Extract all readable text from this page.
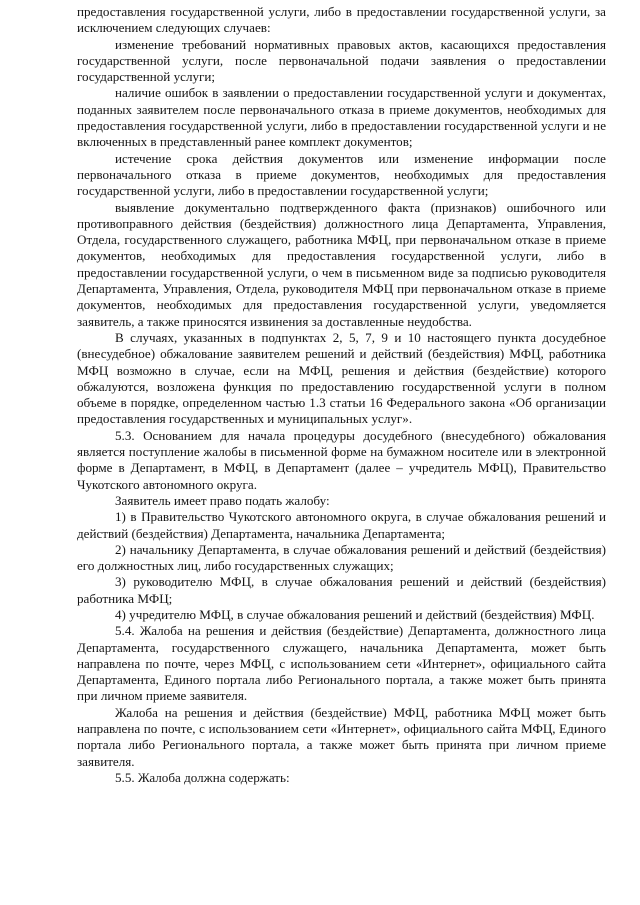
предоставления государственной услуги, либо в предоставлении государственной услуги, за исключением следующих случаев:

изменение требований нормативных правовых актов, касающихся предоставления государственной услуги, после первоначальной подачи заявления о предоставлении государственной услуги;

наличие ошибок в заявлении о предоставлении государственной услуги и документах, поданных заявителем после первоначального отказа в приеме документов, необходимых для предоставления государственной услуги, либо в предоставлении государственной услуги и не включенных в представленный ранее комплект документов;

истечение срока действия документов или изменение информации после первоначального отказа в приеме документов, необходимых для предоставления государственной услуги, либо в предоставлении государственной услуги;

выявление документально подтвержденного факта (признаков) ошибочного или противоправного действия (бездействия) должностного лица Департамента, Управления, Отдела, государственного служащего, работника МФЦ, при первоначальном отказе в приеме документов, необходимых для предоставления государственной услуги, либо в предоставлении государственной услуги, о чем в письменном виде за подписью руководителя Департамента, Управления, Отдела, руководителя МФЦ при первоначальном отказе в приеме документов, необходимых для предоставления государственной услуги, уведомляется заявитель, а также приносятся извинения за доставленные неудобства.

В случаях, указанных в подпунктах 2, 5, 7, 9 и 10 настоящего пункта досудебное (внесудебное) обжалование заявителем решений и действий (бездействия) МФЦ, работника МФЦ возможно в случае, если на МФЦ, решения и действия (бездействие) которого обжалуются, возложена функция по предоставлению государственной услуги в полном объеме в порядке, определенном частью 1.3 статьи 16 Федерального закона «Об организации предоставления государственных и муниципальных услуг».

5.3. Основанием для начала процедуры досудебного (внесудебного) обжалования является поступление жалобы в письменной форме на бумажном носителе или в электронной форме в Департамент, в МФЦ, в Департамент (далее – учредитель МФЦ), Правительство Чукотского автономного округа.

Заявитель имеет право подать жалобу:

1) в Правительство Чукотского автономного округа, в случае обжалования решений и действий (бездействия) Департамента, начальника Департамента;

2) начальнику Департамента, в случае обжалования решений и действий (бездействия) его должностных лиц, либо государственных служащих;

3) руководителю МФЦ, в случае обжалования решений и действий (бездействия) работника МФЦ;

4) учредителю МФЦ, в случае обжалования решений и действий (бездействия) МФЦ.

5.4. Жалоба на решения и действия (бездействие) Департамента, должностного лица Департамента, государственного служащего, начальника Департамента, может быть направлена по почте, через МФЦ, с использованием сети «Интернет», официального сайта Департамента, Единого портала либо Регионального портала, а также может быть принята при личном приеме заявителя.

Жалоба на решения и действия (бездействие) МФЦ, работника МФЦ может быть направлена по почте, с использованием сети «Интернет», официального сайта МФЦ, Единого портала либо Регионального портала, а также может быть принята при личном приеме заявителя.

5.5. Жалоба должна содержать:
